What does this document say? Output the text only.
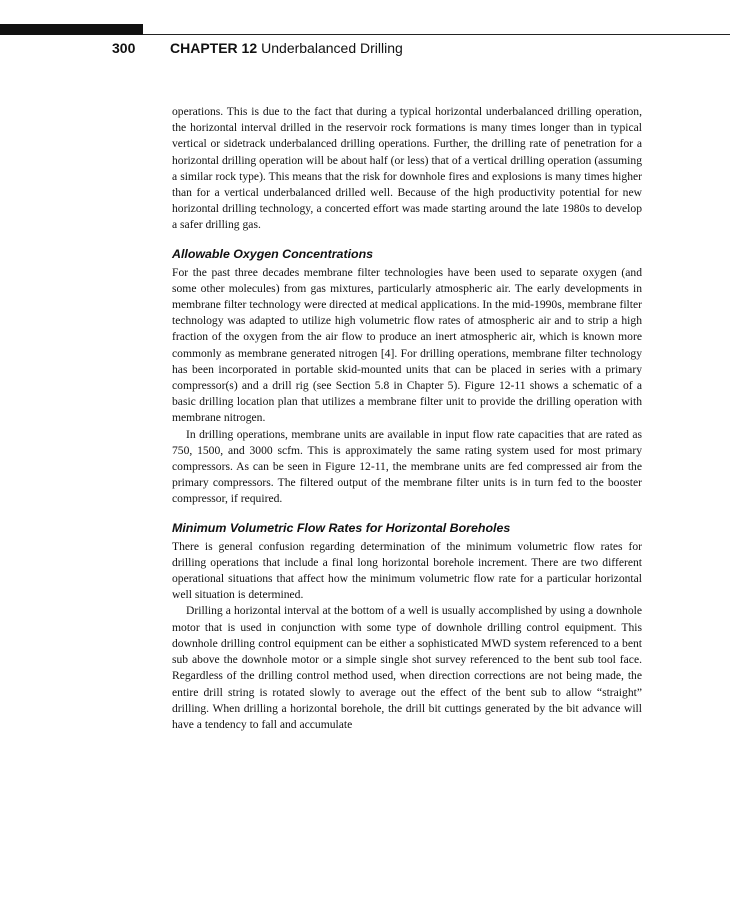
300 CHAPTER 12 Underbalanced Drilling

operations. This is due to the fact that during a typical horizontal underbalanced drilling operation, the horizontal interval drilled in the reservoir rock formations is many times longer than in typical vertical or sidetrack underbalanced drilling operations. Further, the drilling rate of penetration for a horizontal drilling operation will be about half (or less) that of a vertical drilling operation (assuming a similar rock type). This means that the risk for downhole fires and explosions is many times higher than for a vertical underbalanced drilled well. Because of the high productivity potential for new horizontal drilling technology, a concerted effort was made starting around the late 1980s to develop a safer drilling gas.

Allowable Oxygen Concentrations

For the past three decades membrane filter technologies have been used to separate oxygen (and some other molecules) from gas mixtures, particularly atmospheric air. The early developments in membrane filter technology were directed at medical applications. In the mid-1990s, membrane filter technology was adapted to utilize high volumetric flow rates of atmospheric air and to strip a high fraction of the oxygen from the air flow to produce an inert atmospheric air, which is known more commonly as membrane generated nitrogen [4]. For drilling operations, membrane filter technology has been incorporated in portable skid-mounted units that can be placed in series with a primary compressor(s) and a drill rig (see Section 5.8 in Chapter 5). Figure 12-11 shows a schematic of a basic drilling location plan that utilizes a membrane filter unit to provide the drilling operation with membrane nitrogen.

In drilling operations, membrane units are available in input flow rate capacities that are rated as 750, 1500, and 3000 scfm. This is approximately the same rating system used for most primary compressors. As can be seen in Figure 12-11, the membrane units are fed compressed air from the primary compressors. The filtered output of the membrane filter units is in turn fed to the booster compressor, if required.

Minimum Volumetric Flow Rates for Horizontal Boreholes

There is general confusion regarding determination of the minimum volumetric flow rates for drilling operations that include a final long horizontal borehole increment. There are two different operational situations that affect how the minimum volumetric flow rate for a particular horizontal well situation is determined.

Drilling a horizontal interval at the bottom of a well is usually accomplished by using a downhole motor that is used in conjunction with some type of downhole drilling control equipment. This downhole drilling control equipment can be either a sophisticated MWD system referenced to a bent sub above the downhole motor or a simple single shot survey referenced to the bent sub tool face. Regardless of the drilling control method used, when direction corrections are not being made, the entire drill string is rotated slowly to average out the effect of the bent sub to allow “straight” drilling. When drilling a horizontal borehole, the drill bit cuttings generated by the bit advance will have a tendency to fall and accumulate
